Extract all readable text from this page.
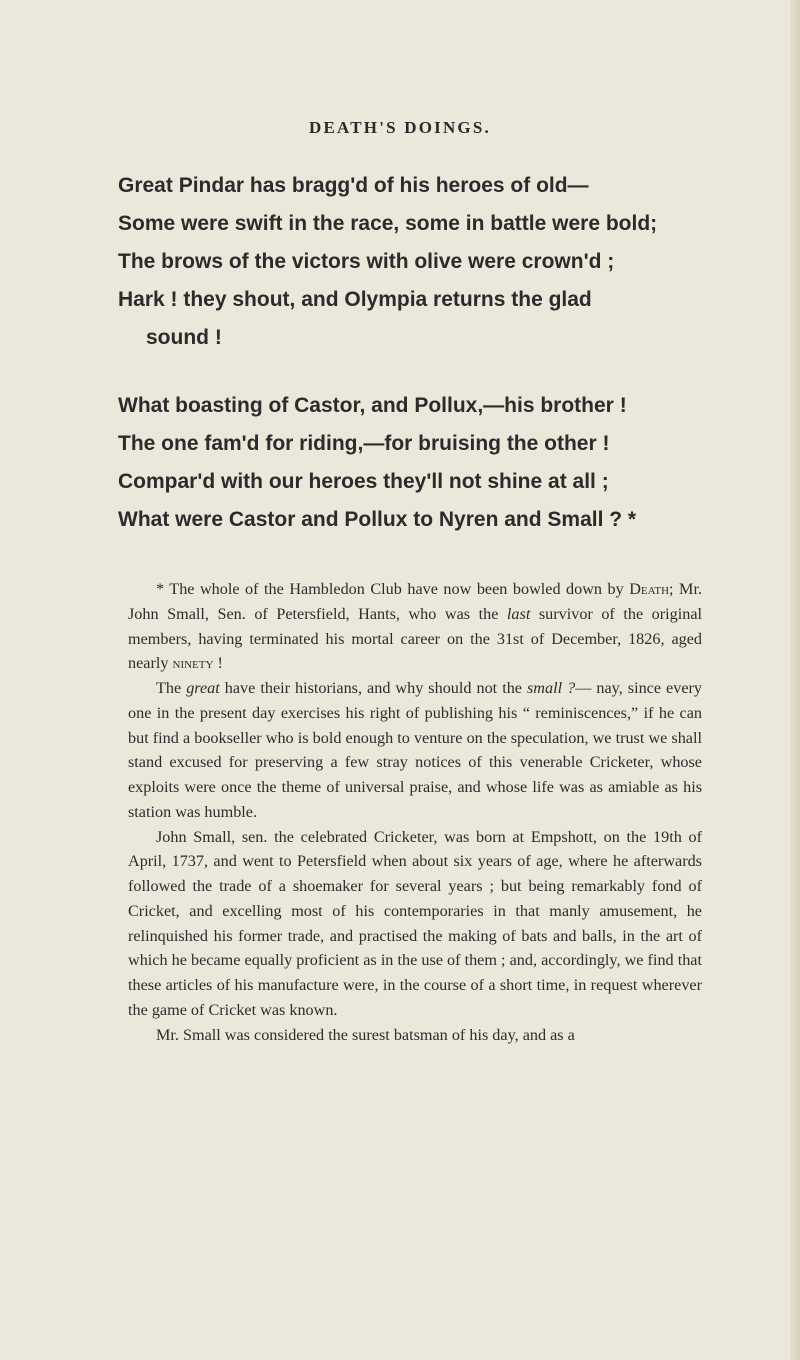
DEATH'S DOINGS.
Great Pindar has bragg'd of his heroes of old—
Some were swift in the race, some in battle were bold;
The brows of the victors with olive were crown'd ;
Hark ! they shout, and Olympia returns the glad
sound !
What boasting of Castor, and Pollux,—his brother !
The one fam'd for riding,—for bruising the other !
Compar'd with our heroes they'll not shine at all ;
What were Castor and Pollux to Nyren and Small ? *

* The whole of the Hambledon Club have now been bowled down by Death; Mr. John Small, Sen. of Petersfield, Hants, who was the last survivor of the original members, having terminated his mortal career on the 31st of December, 1826, aged nearly ninety !

The great have their historians, and why should not the small ?— nay, since every one in the present day exercises his right of publishing his “ reminiscences,” if he can but find a bookseller who is bold enough to venture on the speculation, we trust we shall stand excused for preserving a few stray notices of this venerable Cricketer, whose exploits were once the theme of universal praise, and whose life was as amiable as his station was humble.

John Small, sen. the celebrated Cricketer, was born at Empshott, on the 19th of April, 1737, and went to Petersfield when about six years of age, where he afterwards followed the trade of a shoemaker for several years ; but being remarkably fond of Cricket, and excelling most of his contemporaries in that manly amusement, he relinquished his former trade, and practised the making of bats and balls, in the art of which he became equally proficient as in the use of them ; and, accordingly, we find that these articles of his manufacture were, in the course of a short time, in request wherever the game of Cricket was known.

Mr. Small was considered the surest batsman of his day, and as a
